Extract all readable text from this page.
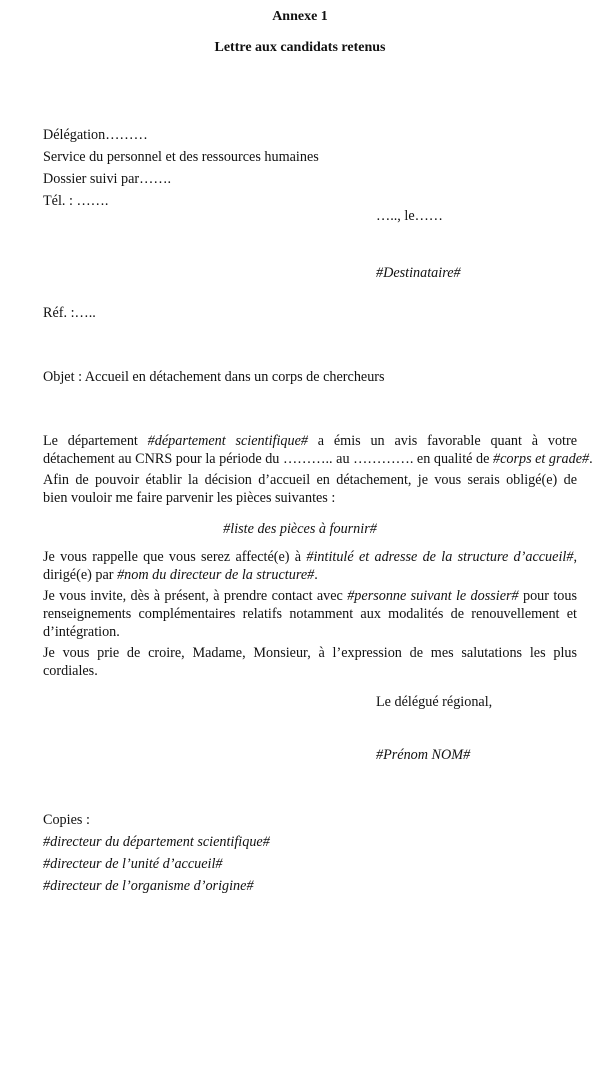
Annexe 1
Lettre aux candidats retenus
Délégation………
Service du personnel et des ressources humaines
Dossier suivi par…….
Tél. : …….
….., le……
#Destinataire#
Réf. :…..
Objet : Accueil en détachement dans un corps de chercheurs
Le département #département scientifique# a émis un avis favorable quant à votre
détachement au CNRS pour la période du ……….. au …………. en qualité de #corps et grade#.
Afin de pouvoir établir la décision d’accueil en détachement, je vous serais obligé(e) de
bien vouloir me faire parvenir les pièces suivantes :
#liste des pièces à fournir#
Je vous rappelle que vous serez affecté(e) à #intitulé et adresse de la structure d’accueil#,
dirigé(e) par #nom du directeur de la structure#.
Je vous invite, dès à présent, à prendre contact avec #personne suivant le dossier# pour tous
renseignements complémentaires relatifs notamment aux modalités de renouvellement et
d’intégration.
Je vous prie de croire, Madame, Monsieur, à l’expression de mes salutations les plus
cordiales.
Le délégué régional,
#Prénom NOM#
Copies :
#directeur du département scientifique#
#directeur de l’unité d’accueil#
#directeur de l’organisme d’origine#
